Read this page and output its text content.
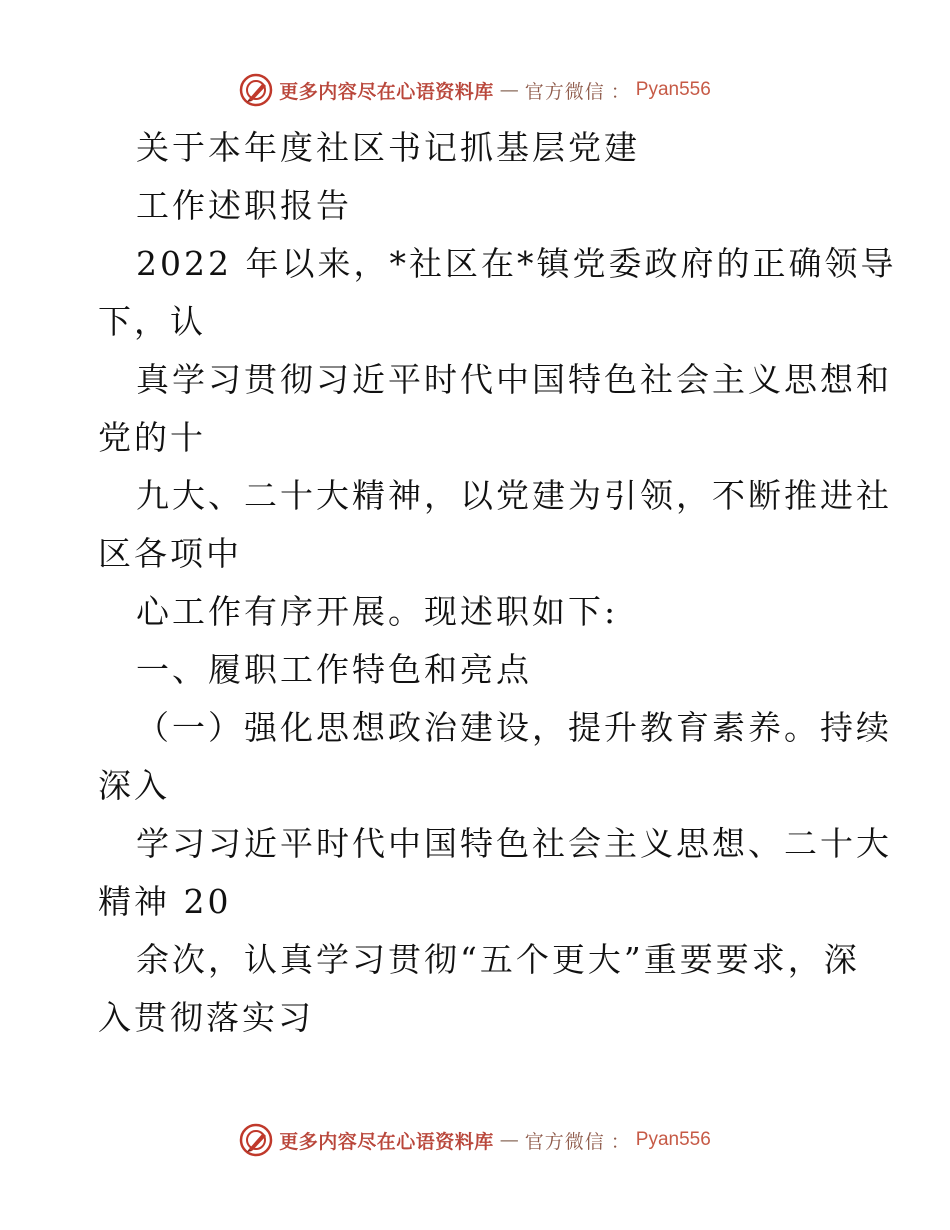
更多内容尽在心语资料库 — 官方微信 ： Pyan556
关于本年度社区书记抓基层党建
工作述职报告
2022 年以来，*社区在*镇党委政府的正确领导
下，认
真学习贯彻习近平时代中国特色社会主义思想和
党的十
九大、二十大精神，以党建为引领，不断推进社
区各项中
心工作有序开展。现述职如下:
一、履职工作特色和亮点
（一）强化思想政治建设，提升教育素养。持续
深入
学习习近平时代中国特色社会主义思想、二十大
精神 20
余次，认真学习贯彻“五个更大”重要要求，深
入贯彻落实习
更多内容尽在心语资料库 — 官方微信 ： Pyan556
